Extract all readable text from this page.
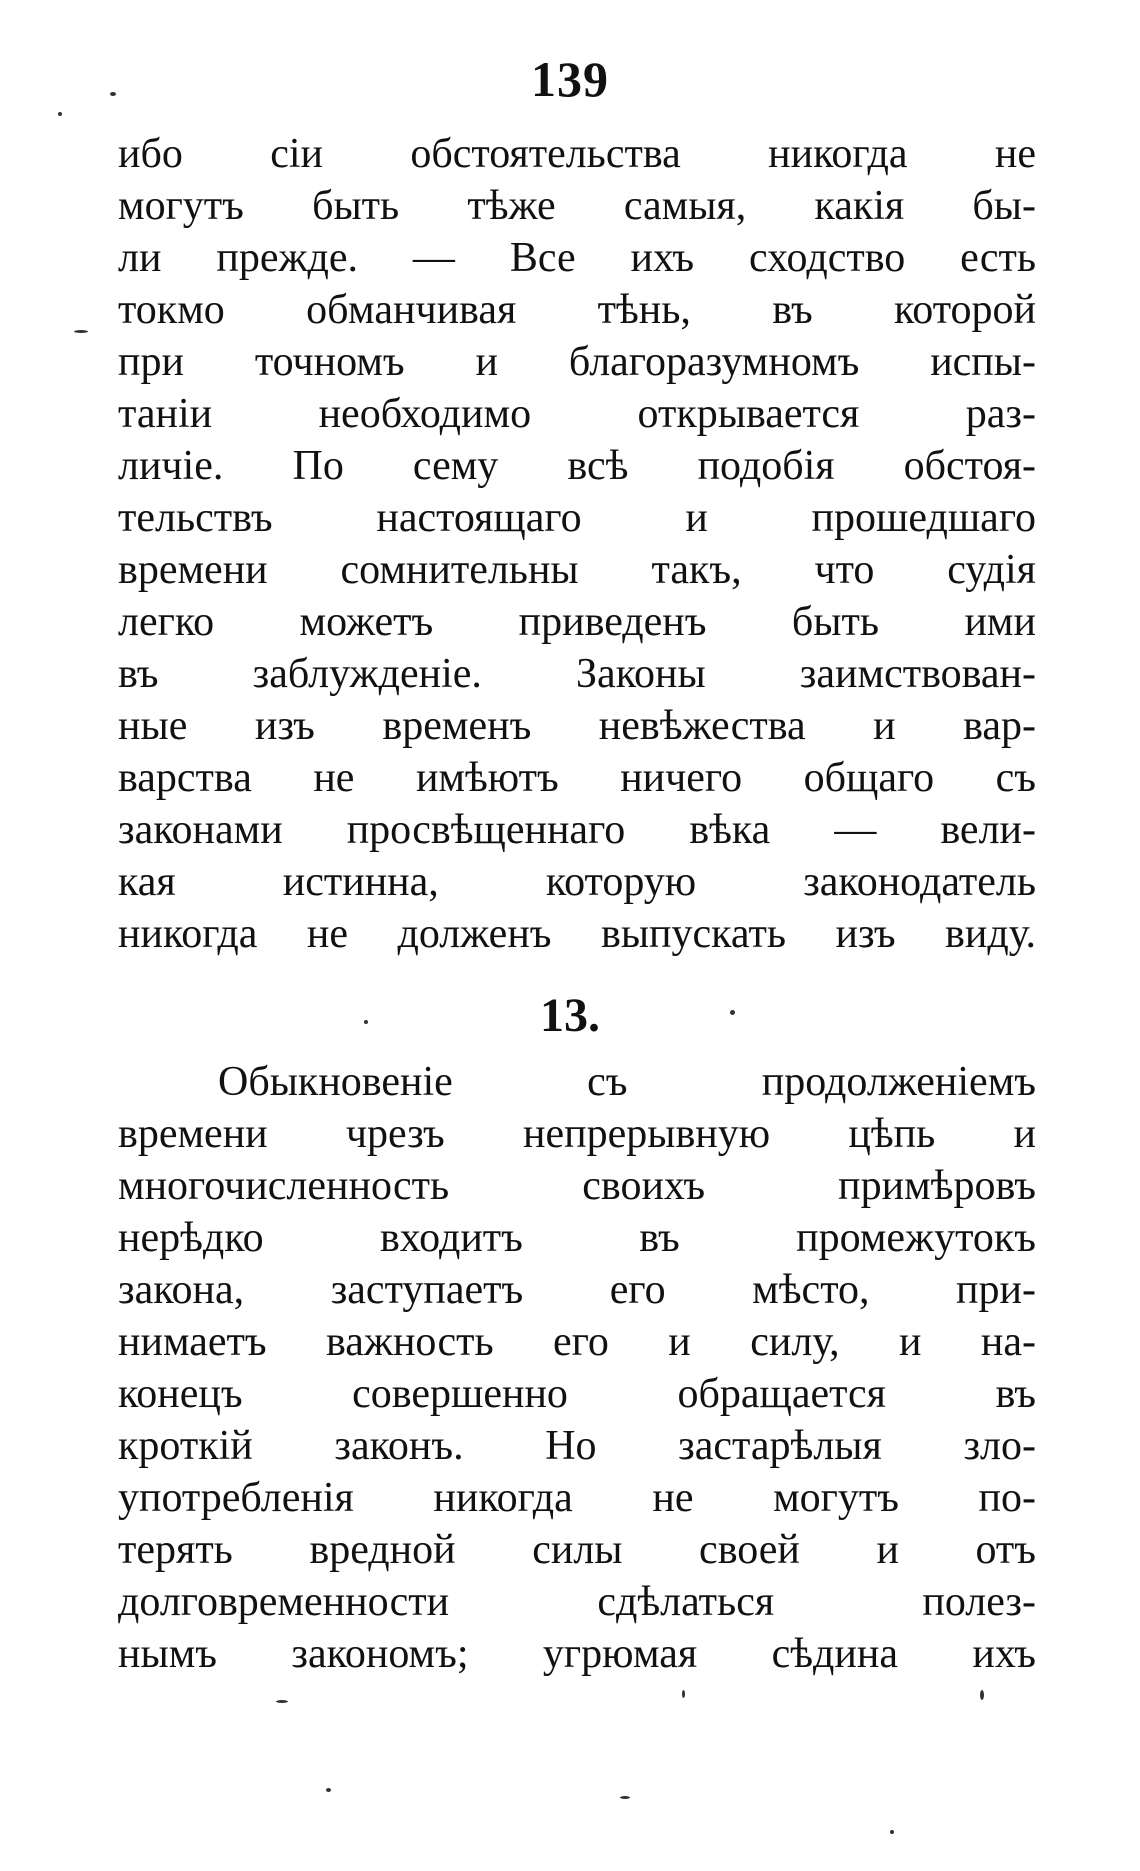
139
ибо сіи обстоятельства никогда не
могутъ быть тѣже самыя, какія бы-
ли прежде. — Все ихъ сходство есть
токмо обманчивая тѣнь, въ которой
при точномъ и благоразумномъ испы-
таніи необходимо открывается раз-
личіе. По сему всѣ подобія обстоя-
тельствъ настоящаго и прошедшаго
времени сомнительны такъ, что судія
легко можетъ приведенъ быть ими
въ заблужденіе. Законы заимствован-
ные изъ временъ невѣжества и вар-
варства не имѣютъ ничего общаго съ
законами просвѣщеннаго вѣка — вели-
кая истинна, которую законодатель
никогда не долженъ выпускать изъ виду.
13.
Обыкновеніе съ продолженіемъ
времени чрезъ непрерывную цѣпь и
многочисленность своихъ примѣровъ
нерѣдко входитъ въ промежутокъ
закона, заступаетъ его мѣсто, при-
нимаетъ важность его и силу, и на-
конецъ совершенно обращается въ
кроткій законъ. Но застарѣлыя зло-
употребленія никогда не могутъ по-
терять вредной силы своей и отъ
долговременности сдѣлаться полез-
нымъ закономъ; угрюмая сѣдина ихъ
